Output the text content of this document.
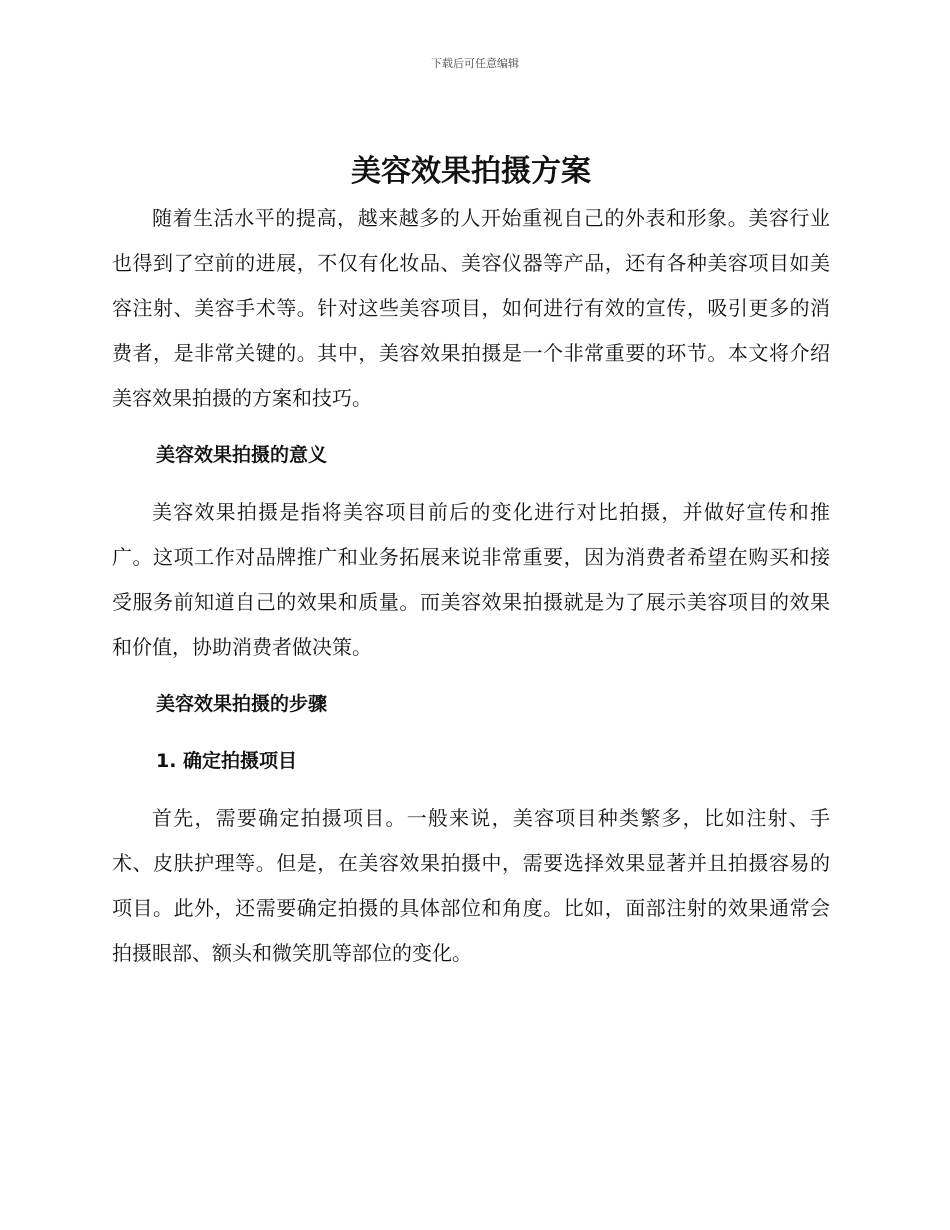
下载后可任意编辑
美容效果拍摄方案

随着生活水平的提高，越来越多的人开始重视自己的外表和形象。美容行业也得到了空前的进展，不仅有化妆品、美容仪器等产品，还有各种美容项目如美容注射、美容手术等。针对这些美容项目，如何进行有效的宣传，吸引更多的消费者，是非常关键的。其中，美容效果拍摄是一个非常重要的环节。本文将介绍美容效果拍摄的方案和技巧。

美容效果拍摄的意义

美容效果拍摄是指将美容项目前后的变化进行对比拍摄，并做好宣传和推广。这项工作对品牌推广和业务拓展来说非常重要，因为消费者希望在购买和接受服务前知道自己的效果和质量。而美容效果拍摄就是为了展示美容项目的效果和价值，协助消费者做决策。

美容效果拍摄的步骤
1. 确定拍摄项目

首先，需要确定拍摄项目。一般来说，美容项目种类繁多，比如注射、手术、皮肤护理等。但是，在美容效果拍摄中，需要选择效果显著并且拍摄容易的项目。此外，还需要确定拍摄的具体部位和角度。比如，面部注射的效果通常会拍摄眼部、额头和微笑肌等部位的变化。
